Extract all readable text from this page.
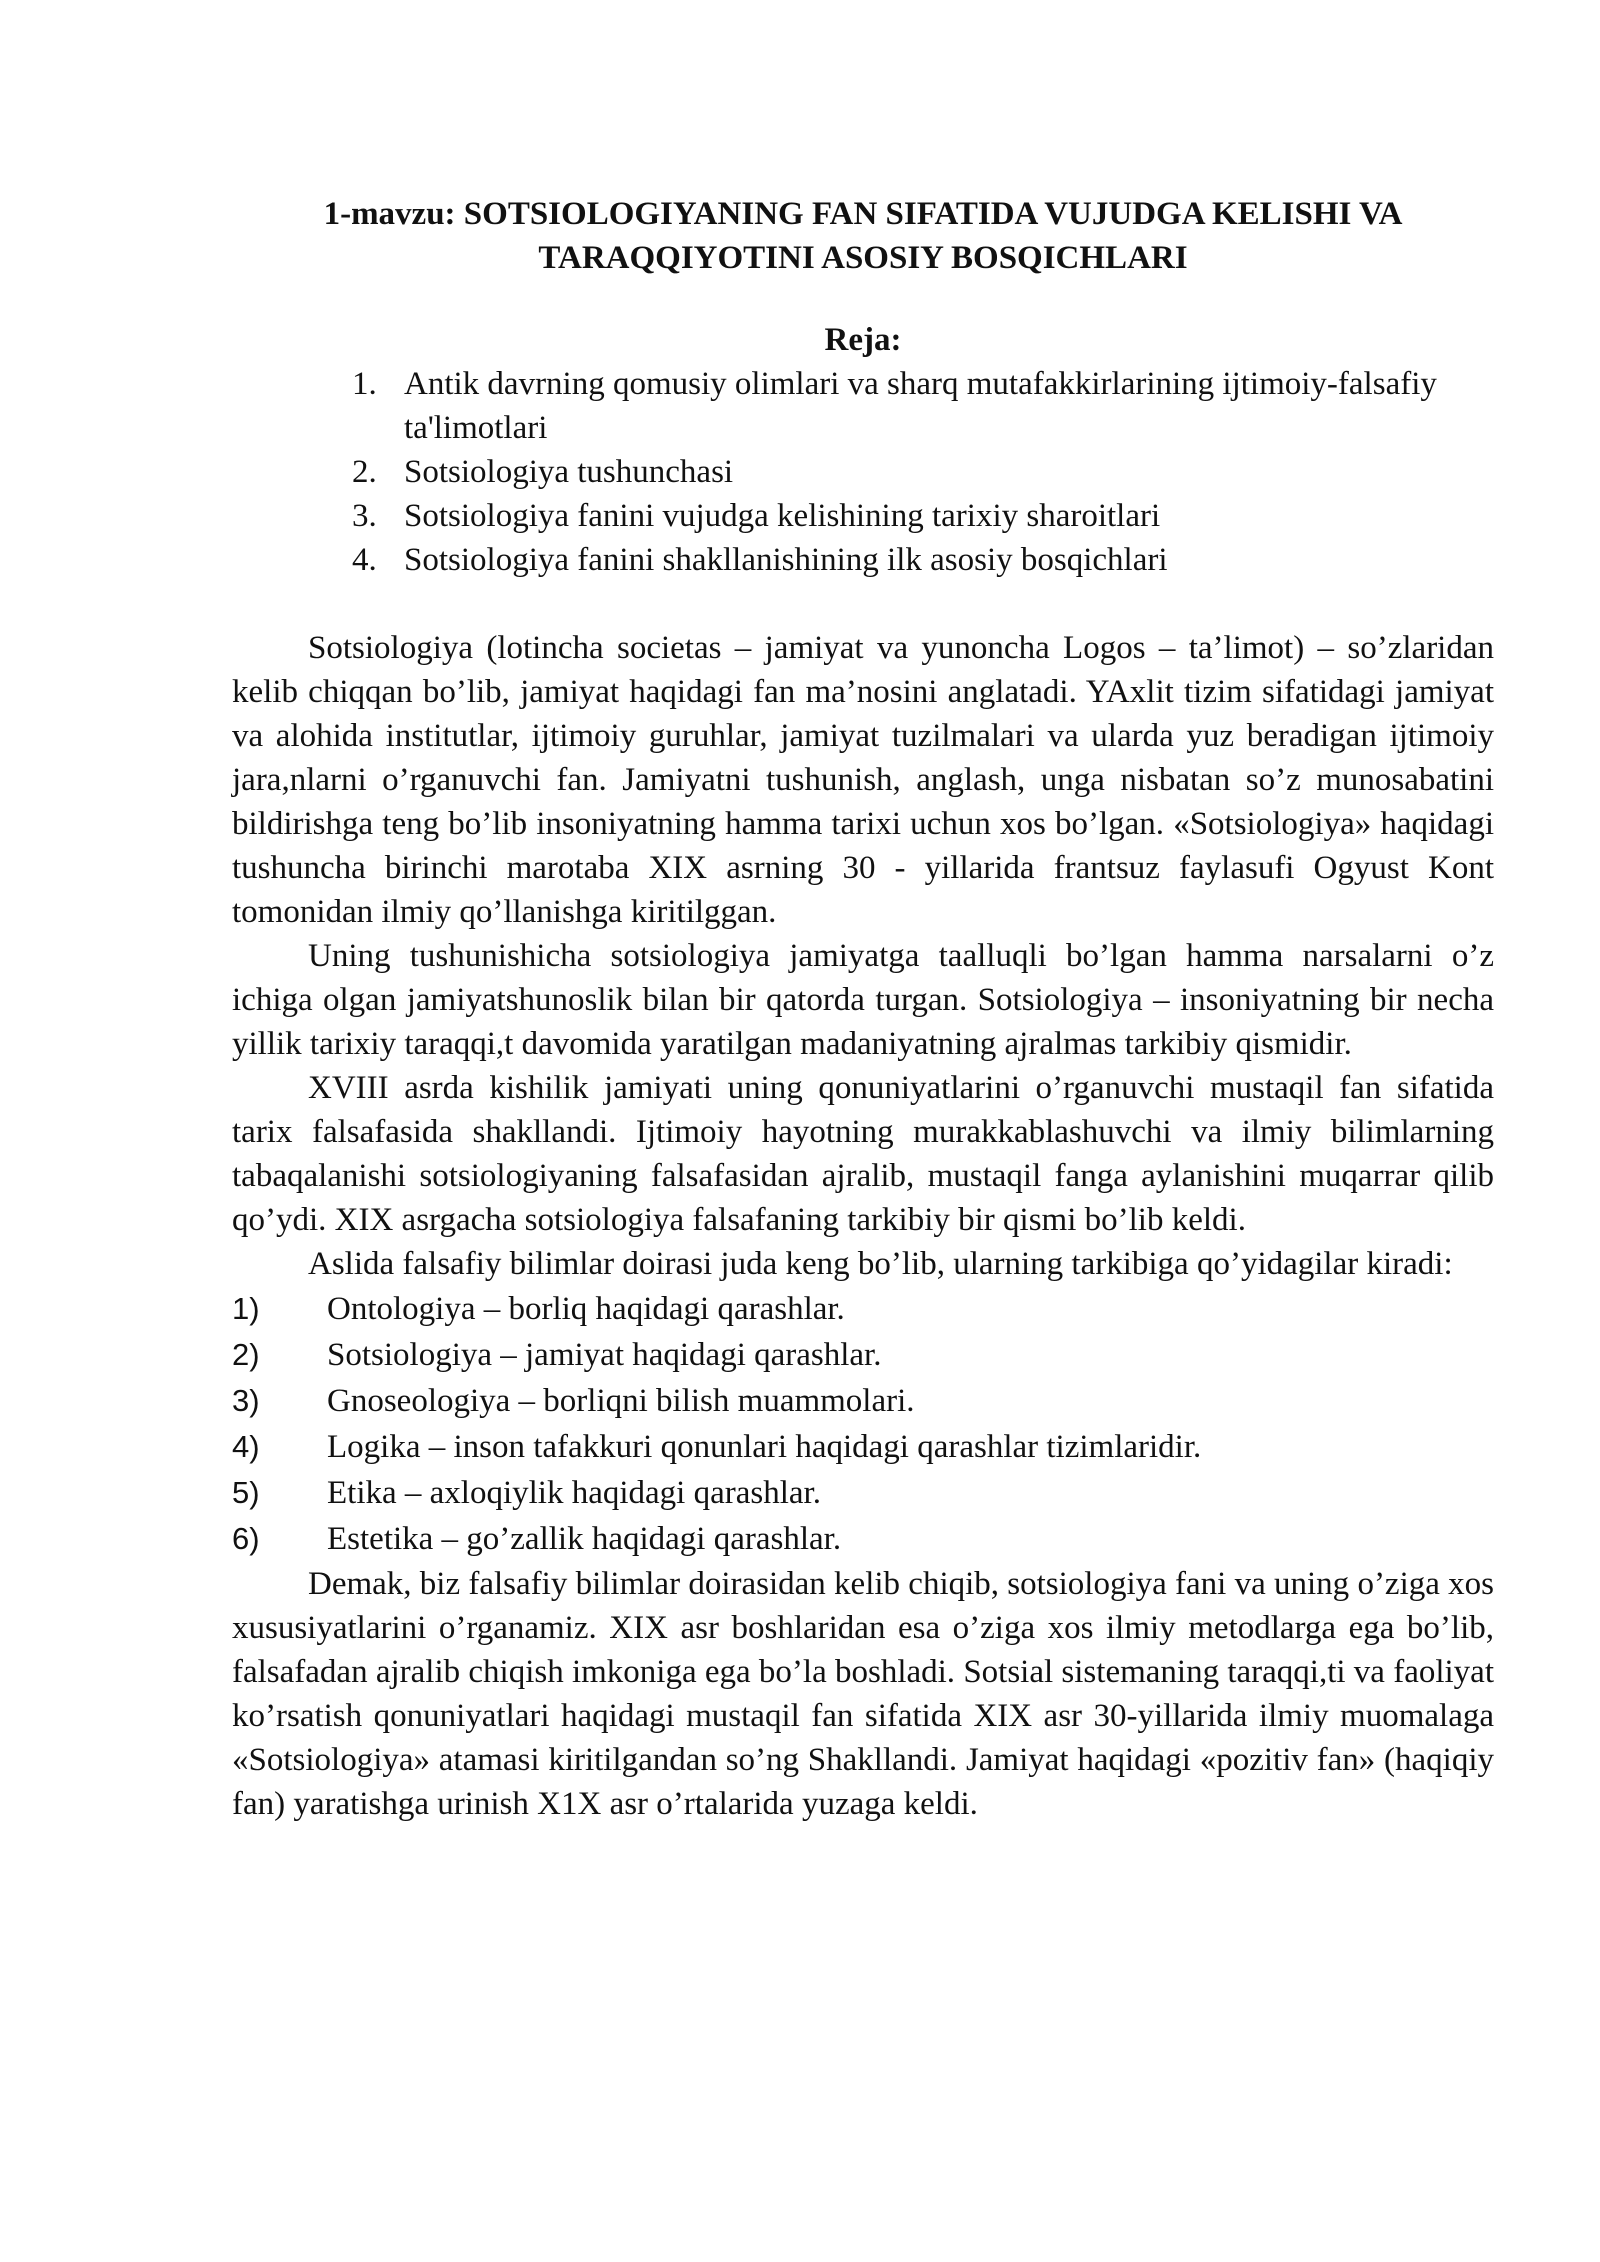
1-mavzu: SOTSIOLOGIYANING FAN SIFATIDA VUJUDGA KELISHI VA
TARAQQIYOTINI ASOSIY BOSQICHLARI
Reja:
1. Antik davrning qomusiy olimlari va sharq mutafakkirlarining ijtimoiy-falsafiy ta'limotlari
2. Sotsiologiya tushunchasi
3. Sotsiologiya fanini vujudga kelishining tarixiy sharoitlari
4. Sotsiologiya fanini shakllanishining ilk asosiy bosqichlari

Sotsiologiya (lotincha societas – jamiyat va yunoncha Logos – ta’limot) – so’zlaridan kelib chiqqan bo’lib, jamiyat haqidagi fan ma’nosini anglatadi. YAxlit tizim sifatidagi jamiyat va alohida institutlar, ijtimoiy guruhlar, jamiyat tuzilmalari va ularda yuz beradigan ijtimoiy jara,nlarni o’rganuvchi fan. Jamiyatni tushunish, anglash, unga nisbatan so’z munosabatini bildirishga teng bo’lib insoniyatning hamma tarixi uchun xos bo’lgan. «Sotsiologiya» haqidagi tushuncha birinchi marotaba XIX asrning 30 - yillarida frantsuz faylasufi Ogyust Kont tomonidan ilmiy qo’llanishga kiritilggan.

Uning tushunishicha sotsiologiya jamiyatga taalluqli bo’lgan hamma narsalarni o’z ichiga olgan jamiyatshunoslik bilan bir qatorda turgan. Sotsiologiya – insoniyatning bir necha yillik tarixiy taraqqi,t davomida yaratilgan madaniyatning ajralmas tarkibiy qismidir.

XVIII asrda kishilik jamiyati uning qonuniyatlarini o’rganuvchi mustaqil fan sifatida tarix falsafasida shakllandi. Ijtimoiy hayotning murakkablashuvchi va ilmiy bilimlarning tabaqalanishi sotsiologiyaning falsafasidan ajralib, mustaqil fanga aylanishini muqarrar qilib qo’ydi. XIX asrgacha sotsiologiya falsafaning tarkibiy bir qismi bo’lib keldi.

Aslida falsafiy bilimlar doirasi juda keng bo’lib, ularning tarkibiga qo’yidagilar kiradi:

1)	Ontologiya – borliq haqidagi qarashlar.
2)	Sotsiologiya – jamiyat haqidagi qarashlar.
3)	Gnoseologiya – borliqni bilish muammolari.
4)	Logika – inson tafakkuri qonunlari haqidagi qarashlar tizimlaridir.
5)	Etika – axloqiylik haqidagi qarashlar.
6)	Estetika – go’zallik haqidagi qarashlar.

Demak, biz falsafiy bilimlar doirasidan kelib chiqib, sotsiologiya fani va uning o’ziga xos xususiyatlarini o’rganamiz. XIX asr boshlaridan esa o’ziga xos ilmiy metodlarga ega bo’lib, falsafadan ajralib chiqish imkoniga ega bo’la boshladi. Sotsial sistemaning taraqqi,ti va faoliyat ko’rsatish qonuniyatlari haqidagi mustaqil fan sifatida XIX asr 30-yillarida ilmiy muomalaga «Sotsiologiya» atamasi kiritilgandan so’ng Shakllandi. Jamiyat haqidagi «pozitiv fan» (haqiqiy fan) yaratishga urinish X1X asr o’rtalarida yuzaga keldi.
